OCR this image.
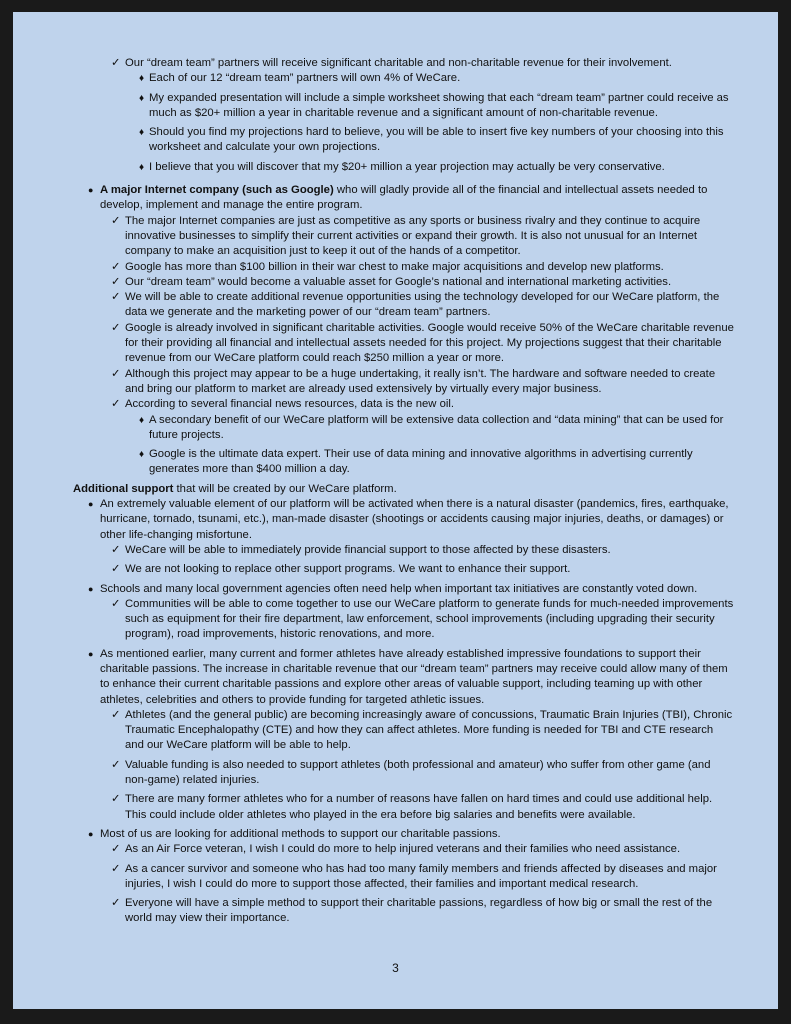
✓ Our “dream team” partners will receive significant charitable and non-charitable revenue for their involvement.

♦ Each of our 12 “dream team” partners will own 4% of WeCare.

♦ My expanded presentation will include a simple worksheet showing that each “dream team” partner could receive as much as $20+ million a year in charitable revenue and a significant amount of non-charitable revenue.

♦ Should you find my projections hard to believe, you will be able to insert five key numbers of your choosing into this worksheet and calculate your own projections.

♦ I believe that you will discover that my $20+ million a year projection may actually be very conservative.

● A major Internet company (such as Google) who will gladly provide all of the financial and intellectual assets needed to develop, implement and manage the entire program.

✓ The major Internet companies are just as competitive as any sports or business rivalry and they continue to acquire innovative businesses to simplify their current activities or expand their growth. It is also not unusual for an Internet company to make an acquisition just to keep it out of the hands of a competitor.

✓ Google has more than $100 billion in their war chest to make major acquisitions and develop new platforms.

✓ Our “dream team” would become a valuable asset for Google’s national and international marketing activities.

✓ We will be able to create additional revenue opportunities using the technology developed for our WeCare platform, the data we generate and the marketing power of our “dream team” partners.

✓ Google is already involved in significant charitable activities. Google would receive 50% of the WeCare charitable revenue for their providing all financial and intellectual assets needed for this project. My projections suggest that their charitable revenue from our WeCare platform could reach $250 million a year or more.

✓ Although this project may appear to be a huge undertaking, it really isn’t. The hardware and software needed to create and bring our platform to market are already used extensively by virtually every major business.

✓ According to several financial news resources, data is the new oil.

♦ A secondary benefit of our WeCare platform will be extensive data collection and “data mining” that can be used for future projects.

♦ Google is the ultimate data expert. Their use of data mining and innovative algorithms in advertising currently generates more than $400 million a day.

Additional support that will be created by our WeCare platform.

● An extremely valuable element of our platform will be activated when there is a natural disaster (pandemics, fires, earthquake, hurricane, tornado, tsunami, etc.), man-made disaster (shootings or accidents causing major injuries, deaths, or damages) or other life-changing misfortune.

✓ WeCare will be able to immediately provide financial support to those affected by these disasters.

✓ We are not looking to replace other support programs. We want to enhance their support.

● Schools and many local government agencies often need help when important tax initiatives are constantly voted down.

✓ Communities will be able to come together to use our WeCare platform to generate funds for much-needed improvements such as equipment for their fire department, law enforcement, school improvements (including upgrading their security program), road improvements, historic renovations, and more.

● As mentioned earlier, many current and former athletes have already established impressive foundations to support their charitable passions. The increase in charitable revenue that our “dream team” partners may receive could allow many of them to enhance their current charitable passions and explore other areas of valuable support, including teaming up with other athletes, celebrities and others to provide funding for targeted athletic issues.

✓ Athletes (and the general public) are becoming increasingly aware of concussions, Traumatic Brain Injuries (TBI), Chronic Traumatic Encephalopathy (CTE) and how they can affect athletes. More funding is needed for TBI and CTE research and our WeCare platform will be able to help.

✓ Valuable funding is also needed to support athletes (both professional and amateur) who suffer from other game (and non-game) related injuries.

✓ There are many former athletes who for a number of reasons have fallen on hard times and could use additional help. This could include older athletes who played in the era before big salaries and benefits were available.

● Most of us are looking for additional methods to support our charitable passions.

✓ As an Air Force veteran, I wish I could do more to help injured veterans and their families who need assistance.

✓ As a cancer survivor and someone who has had too many family members and friends affected by diseases and major injuries, I wish I could do more to support those affected, their families and important medical research.

✓ Everyone will have a simple method to support their charitable passions, regardless of how big or small the rest of the world may view their importance.

3
